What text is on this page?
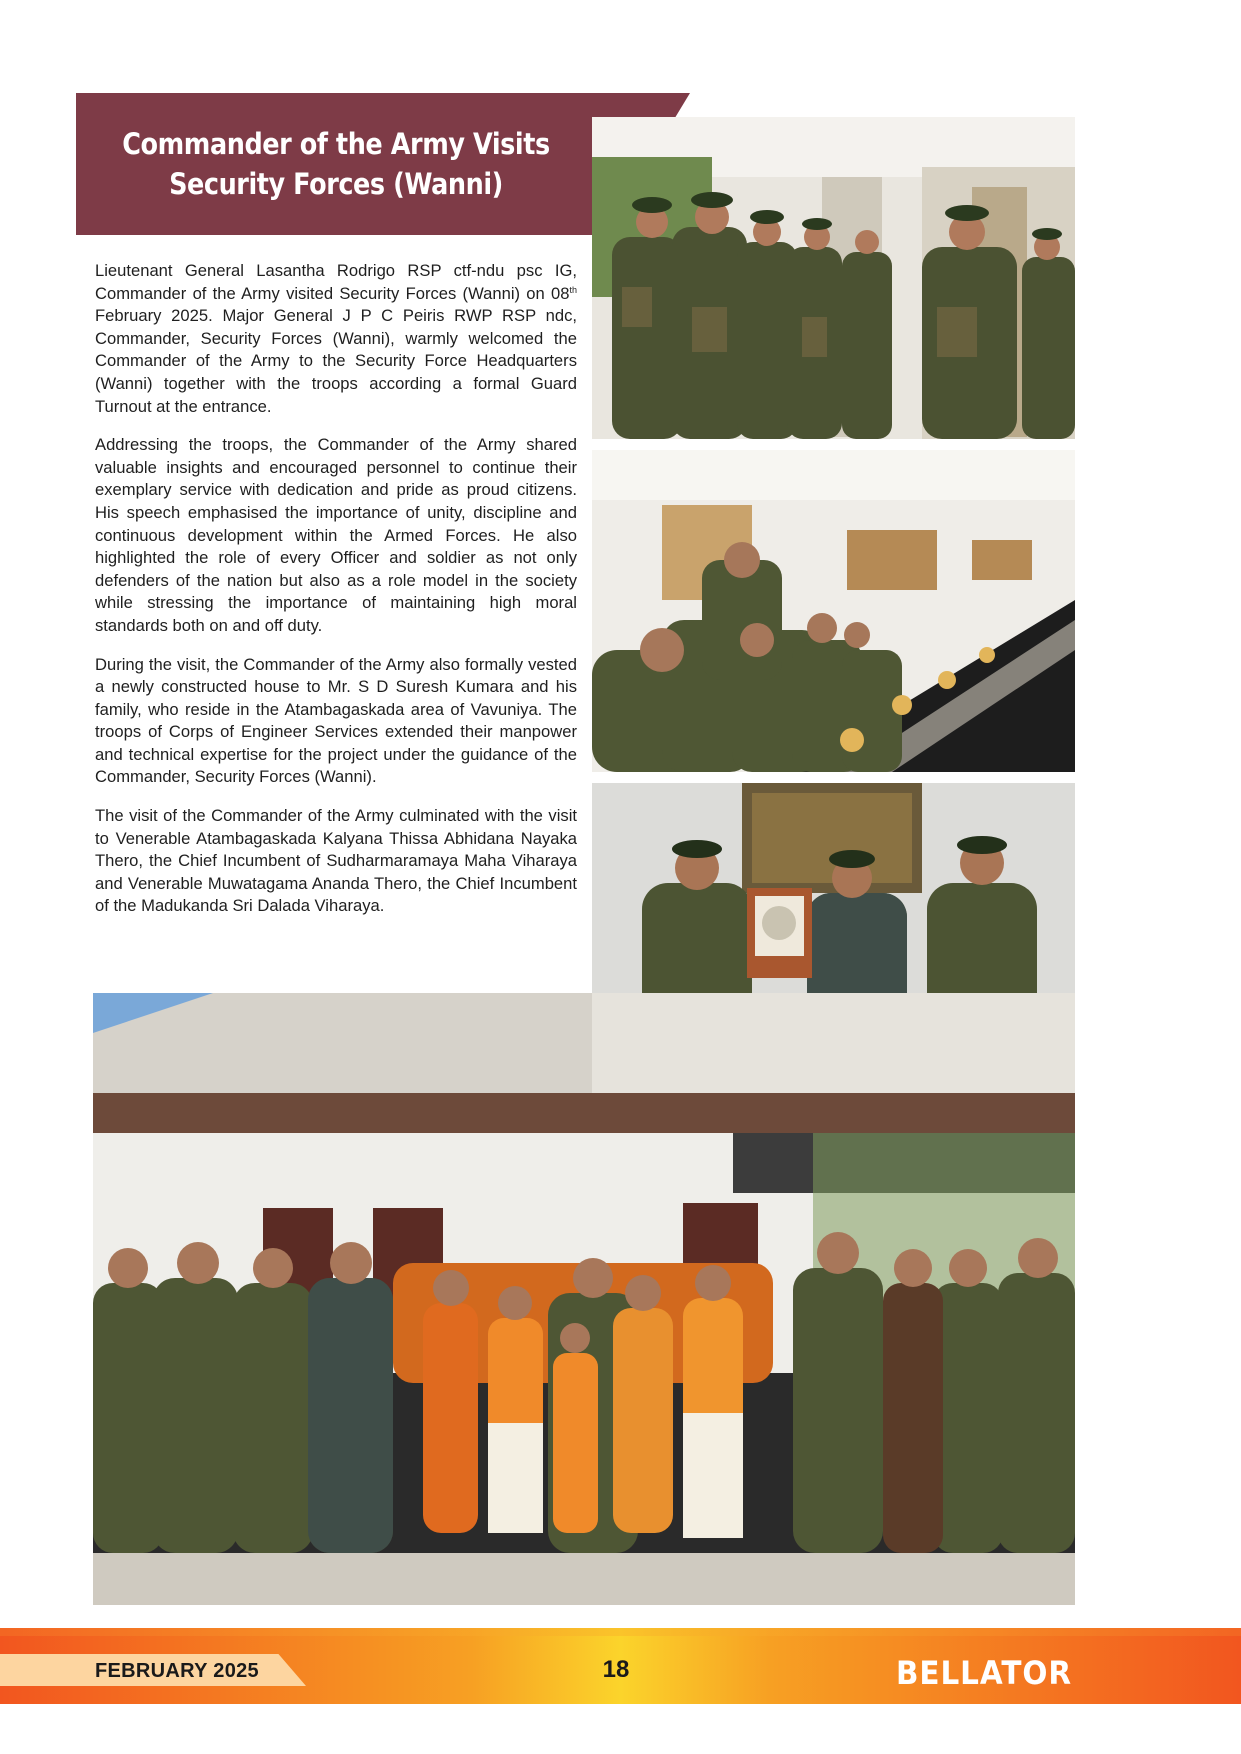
Commander of the Army Visits
Security Forces (Wanni)

Lieutenant General Lasantha Rodrigo RSP ctf-ndu psc IG, Commander of the Army visited Security Forces (Wanni) on 08th February 2025. Major General J P C Peiris RWP RSP ndc, Commander, Security Forces (Wanni), warmly welcomed the Commander of the Army to the Security Force Headquarters (Wanni) together with the troops according a formal Guard Turnout at the entrance.

Addressing the troops, the Commander of the Army shared valuable insights and encouraged personnel to continue their exemplary service with dedication and pride as proud citizens. His speech emphasised the importance of unity, discipline and continuous development within the Armed Forces. He also highlighted the role of every Officer and soldier as not only defenders of the nation but also as a role model in the society while stressing the importance of maintaining high moral standards both on and off duty.

During the visit, the Commander of the Army also formally vested a newly constructed house to Mr. S D Suresh Kumara and his family, who reside in the Atambagaskada area of Vavuniya. The troops of Corps of Engineer Services extended their manpower and technical expertise for the project under the guidance of the Commander, Security Forces (Wanni).

The visit of the Commander of the Army culminated with the visit to Venerable Atambagaskada Kalyana Thissa Abhidana Nayaka Thero, the Chief Incumbent of Sudharmaramaya Maha Viharaya and Venerable Muwatagama Ananda Thero, the Chief Incumbent of the Madukanda Sri Dalada Viharaya.

FEBRUARY 2025	18	BELLATOR
